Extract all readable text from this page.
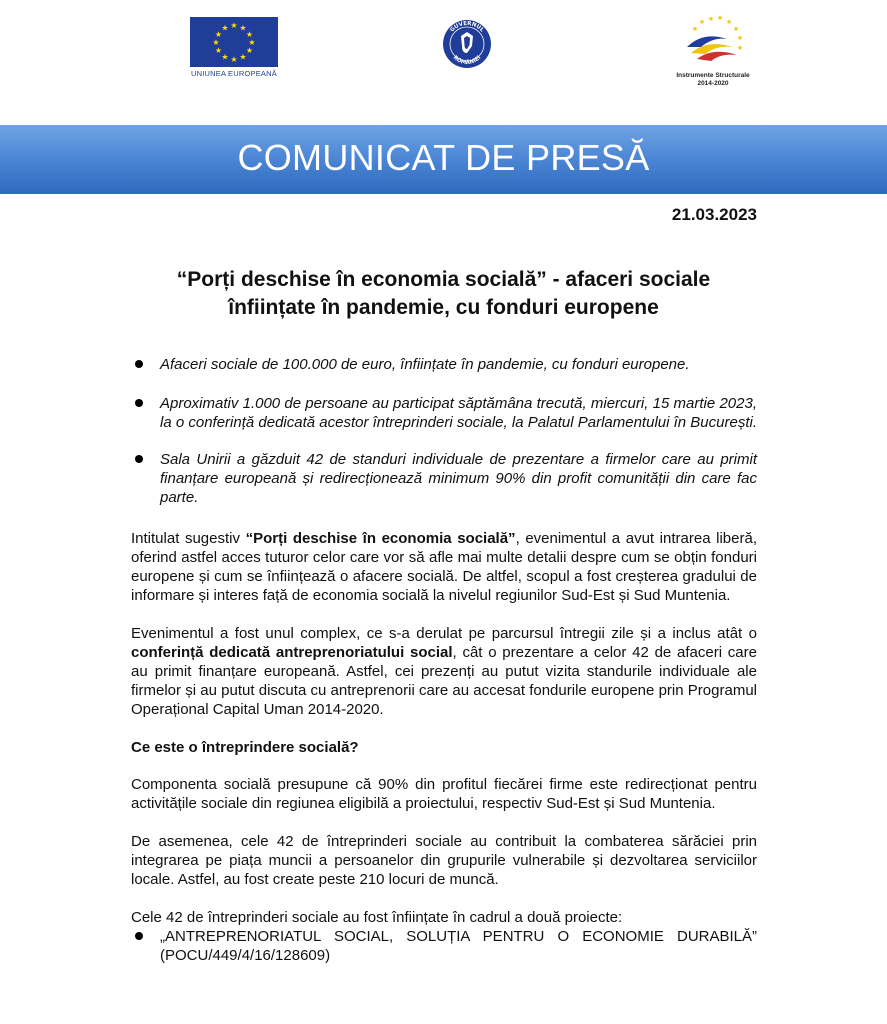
★ ★
★
★
★
★
★
★
★
★
★
★
UNIUNEA EUROPEANĂ
GUVERNUL
ROMÂNIEI
★ ★ ★
★
★
★
★
★
Instrumente Structurale
2014-2020
COMUNICAT DE PRESĂ
21.03.2023
“Porți deschise în economia socială” - afaceri sociale
înființate în pandemie, cu fonduri europene
Afaceri sociale de 100.000 de euro, înființate în pandemie, cu fonduri europene.
Aproximativ 1.000 de persoane au participat săptămâna trecută, miercuri, 15 martie 2023, la o conferință dedicată acestor întreprinderi sociale, la Palatul Parlamentului în București.
Sala Unirii a găzduit 42 de standuri individuale de prezentare a firmelor care au primit finanțare europeană și redirecționează minimum 90% din profit comunității din care fac parte.

Intitulat sugestiv “Porți deschise în economia socială”, evenimentul a avut intrarea liberă, oferind astfel acces tuturor celor care vor să afle mai multe detalii despre cum se obțin fonduri europene și cum se înființează o afacere socială. De altfel, scopul a fost creșterea gradului de informare și interes față de economia socială la nivelul regiunilor Sud-Est și Sud Muntenia.

Evenimentul a fost unul complex, ce s-a derulat pe parcursul întregii zile și a inclus atât o conferință dedicată antreprenoriatului social, cât o prezentare a celor 42 de afaceri care au primit finanțare europeană. Astfel, cei prezenți au putut vizita standurile individuale ale firmelor și au putut discuta cu antreprenorii care au accesat fondurile europene prin Programul Operațional Capital Uman 2014-2020.

Ce este o întreprindere socială?

Componenta socială presupune că 90% din profitul fiecărei firme este redirecționat pentru activitățile sociale din regiunea eligibilă a proiectului, respectiv Sud-Est și Sud Muntenia.

De asemenea, cele 42 de întreprinderi sociale au contribuit la combaterea sărăciei prin integrarea pe piața muncii a persoanelor din grupurile vulnerabile și dezvoltarea serviciilor locale. Astfel, au fost create peste 210 locuri de muncă.

Cele 42 de întreprinderi sociale au fost înființate în cadrul a două proiecte:

„ANTREPRENORIATUL SOCIAL, SOLUȚIA PENTRU O ECONOMIE DURABILĂ” (POCU/449/4/16/128609)
